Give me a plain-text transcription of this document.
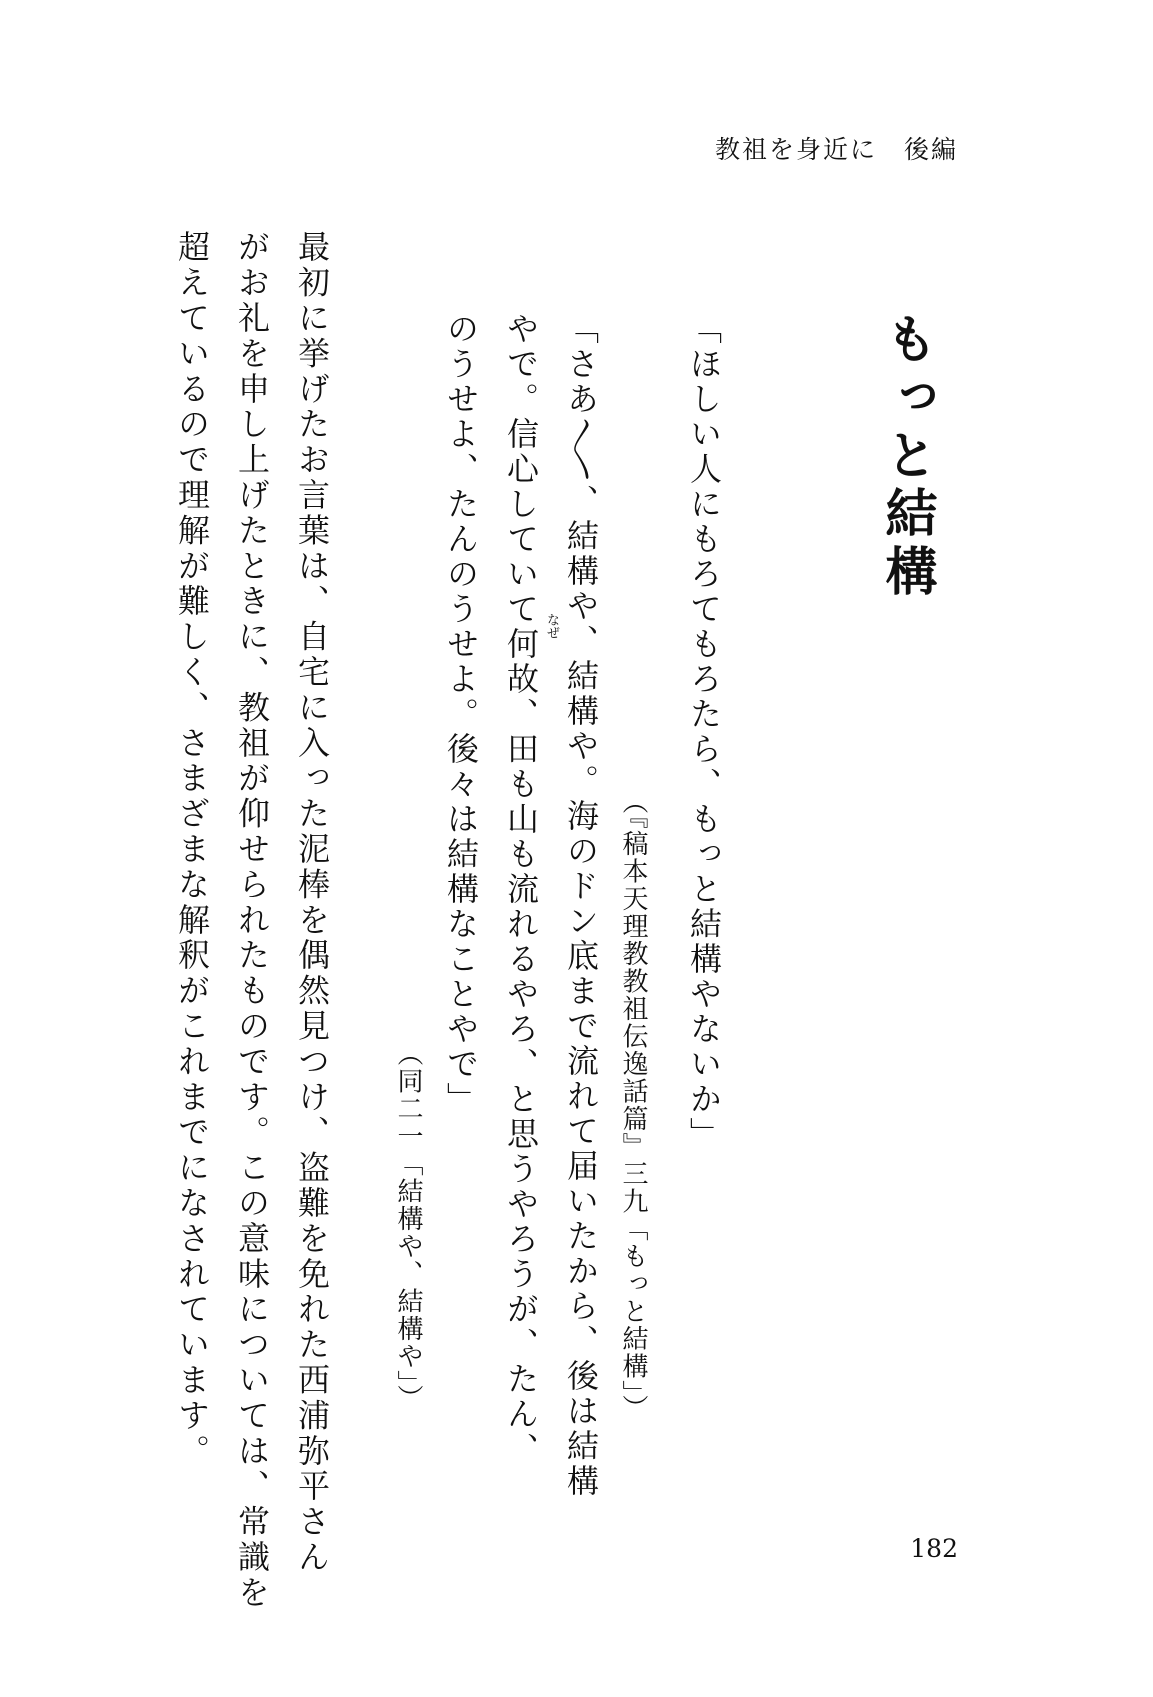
教祖を身近に　後編
もっと結構
「ほしい人にもろてもろたら、もっと結構やないか」
（『稿本天理教教祖伝逸話篇』三九「もっと結構」）
「さあ〳〵、結構や、結構や。海のドン底まで流れて届いたから、後は結構
やで。信心していて何故、田も山も流れるやろ、と思うやろうが、たん、 なぜ
のうせよ、たんのうせよ。後々は結構なことやで」
（同二一「結構や、結構や」）
最初に挙げたお言葉は、自宅に入った泥棒を偶然見つけ、盗難を免れた西浦弥平さん
がお礼を申し上げたときに、教祖が仰せられたものです。この意味については、常識を
超えているので理解が難しく、さまざまな解釈がこれまでになされています。
182
